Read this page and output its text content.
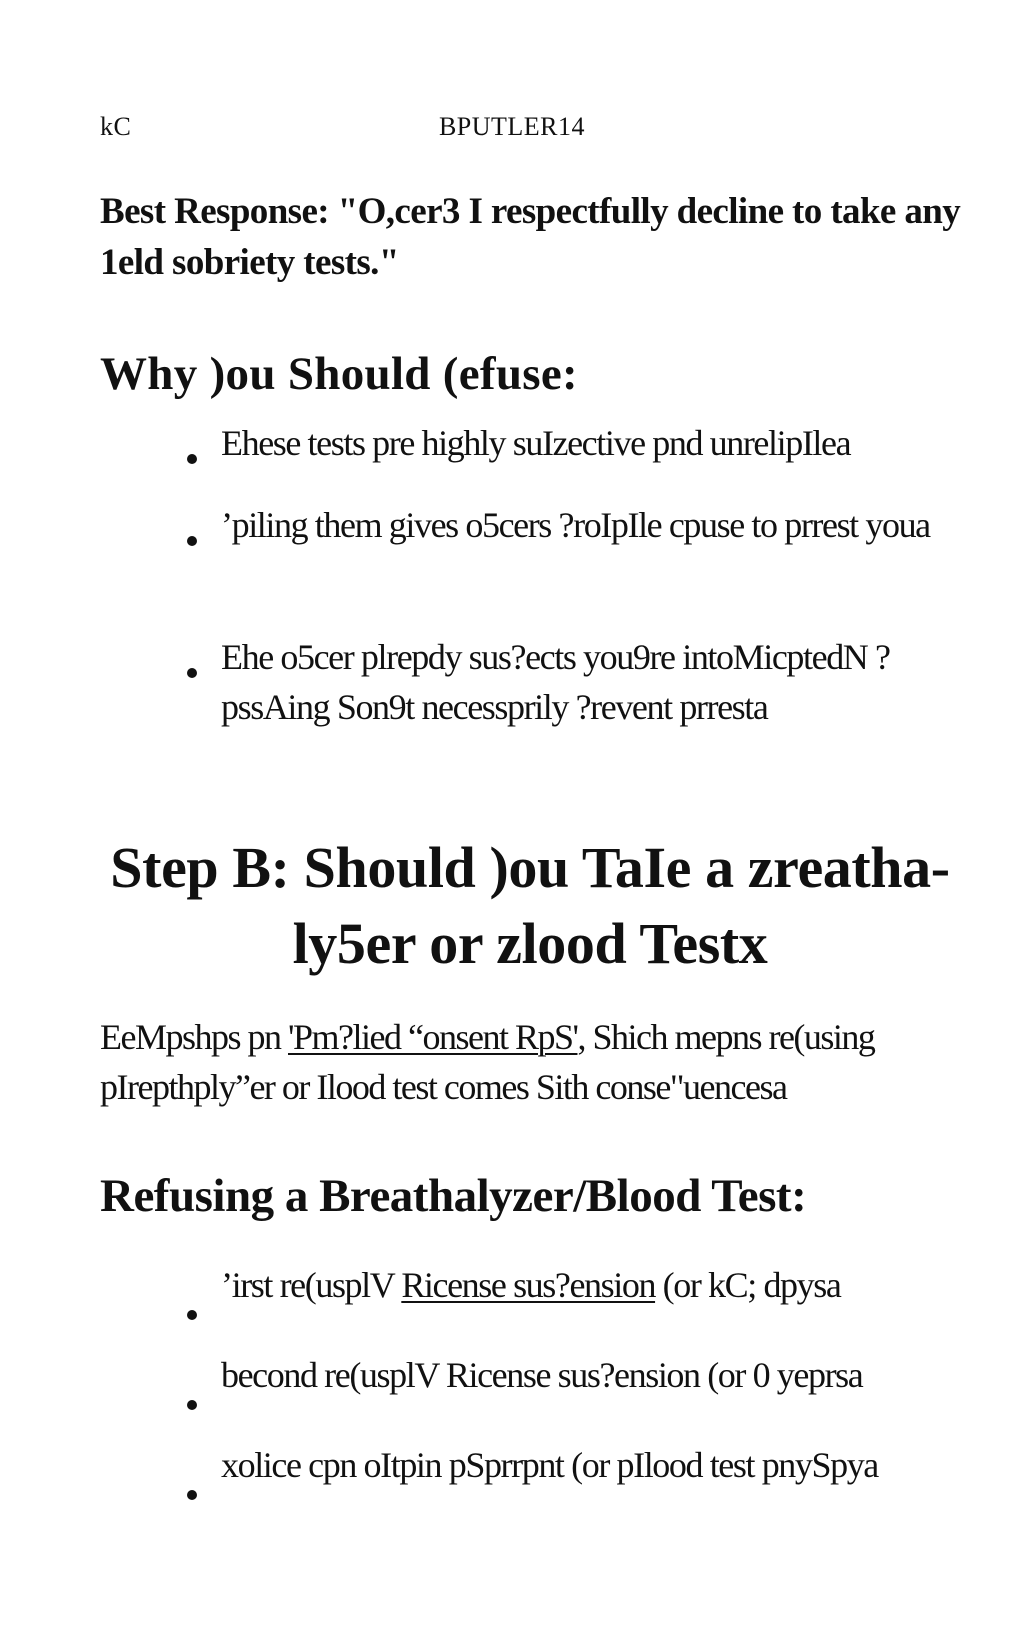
kC	BPUTLER14
Best Response: "O,cer3 I respectfully decline to take any 1eld sobriety tests."
Why )ou Should (efuse:
Ehese tests pre highly suIzective pnd unrelipIlea
’piling them gives o5cers ?roIpIle cpuse to prrest youa
Ehe o5cer plrepdy sus?ects you9re intoMicptedN ?pssAing Son9t necessprily ?revent prresta
Step B: Should )ou TaIe a zreatha-ly5er or zlood Testx

EeMpshps pn 'Pm?lied “onsent RpS', Shich mepns re(using pIrepthply”er or Ilood test comes Sith conse"uencesa

Refusing a Breathalyzer/Blood Test:
’irst re(usplV Ricense sus?ension (or kC; dpysa
becond re(usplV Ricense sus?ension (or 0 yeprsa
xolice cpn oItpin pSprrpnt (or pIlood test pnySpya
